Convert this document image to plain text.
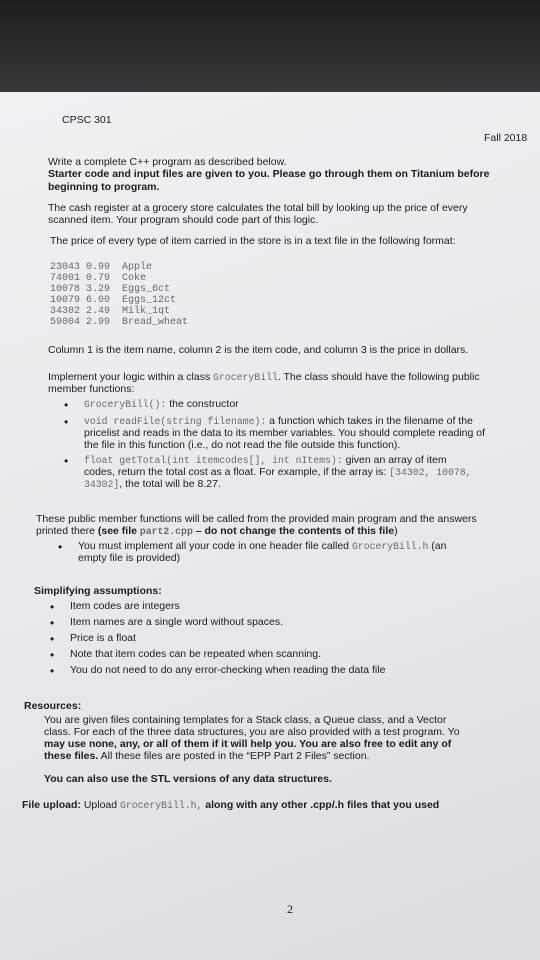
CPSC 301
Fall 2018
Write a complete C++ program as described below.
Starter code and input files are given to you. Please go through them on Titanium before
beginning to program.
The cash register at a grocery store calculates the total bill by looking up the price of every
scanned item. Your program should code part of this logic.
The price of every type of item carried in the store is in a text file in the following format:
23043 0.99  Apple
74001 0.79  Coke
10078 3.29  Eggs_6ct
10079 6.00  Eggs_12ct
34302 2.49  Milk_1qt
59004 2.99  Bread_wheat
Column 1 is the item name, column 2 is the item code, and column 3 is the price in dollars.
Implement your logic within a class GroceryBill. The class should have the following public
member functions:
• GroceryBill(): the constructor
• void readFile(string filename): a function which takes in the filename of the
pricelist and reads in the data to its member variables. You should complete reading of
the file in this function (i.e., do not read the file outside this function).
• float getTotal(int itemcodes[], int nItems): given an array of item
codes, return the total cost as a float. For example, if the array is: [34302, 10078,
34302], the total will be 8.27.
These public member functions will be called from the provided main program and the answers
printed there (see file part2.cpp – do not change the contents of this file)
• You must implement all your code in one header file called GroceryBill.h (an
empty file is provided)
Simplifying assumptions:
• Item codes are integers
• Item names are a single word without spaces.
• Price is a float
• Note that item codes can be repeated when scanning.
• You do not need to do any error-checking when reading the data file
Resources:
You are given files containing templates for a Stack class, a Queue class, and a Vector
class. For each of the three data structures, you are also provided with a test program. Yo
may use none, any, or all of them if it will help you. You are also free to edit any of
these files. All these files are posted in the “EPP Part 2 Files” section.
You can also use the STL versions of any data structures.
File upload: Upload GroceryBill.h, along with any other .cpp/.h files that you used
2
